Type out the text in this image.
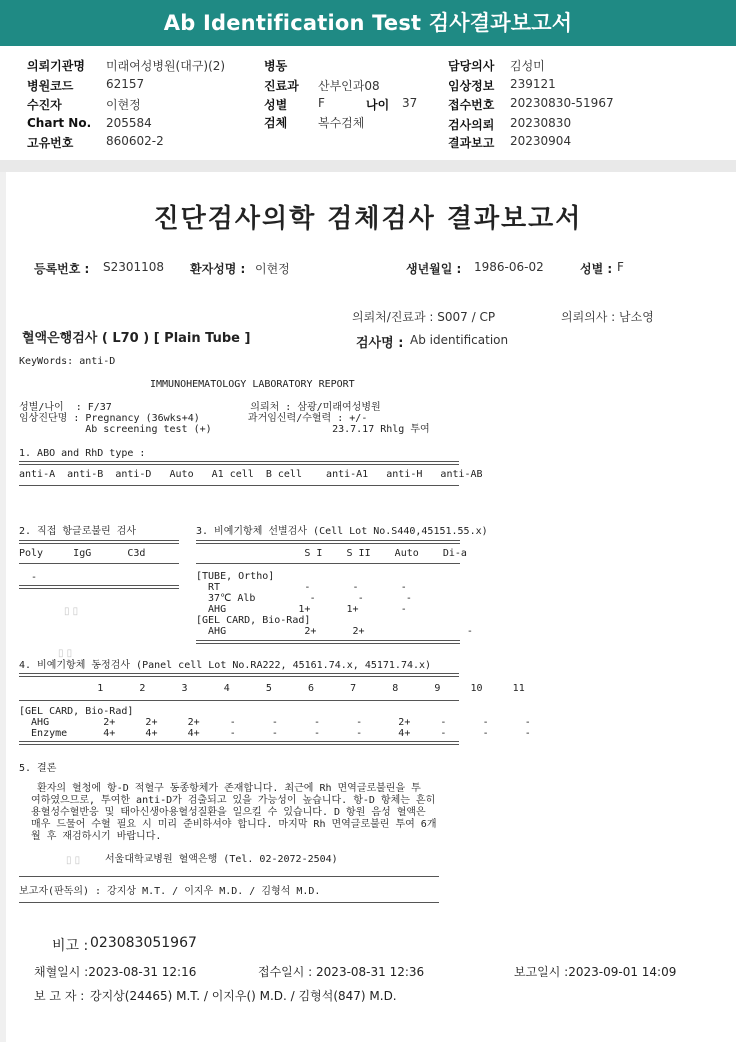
Ab Identification Test 검사결과보고서
의뢰기관명 미래여성병원(대구)(2)
병원코드	62157
수진자	이현정
Chart No. 205584
고유번호	860602-2
병동
진료과 산부인과08
성별	F	나이 37
검체	복수검체
담당의사 김성미
임상정보 239121
접수번호 20230830-51967
검사의뢰 20230830
결과보고 20230904
진단검사의학 검체검사 결과보고서
등록번호 : S2301108 환자성명 : 이현정	생년월일 : 1986-06-02	성별 : F
의뢰처/진료과 : S007 / CP	의뢰의사 : 남소영
혈액은행검사 ( L70 ) [ Plain Tube ]	검사명 : Ab identification
KeyWords: anti-D
IMMUNOHEMATOLOGY LABORATORY REPORT
성별/나이  : F/37                       의뢰처 : 삼광/미래여성병원
임상진단명 : Pregnancy (36wks+4)        과거임신력/수혈력 : +/-
Ab screening test (+)                    23.7.17 Rhlg 투여
1. ABO and RhD type :
anti-A  anti-B  anti-D   Auto   A1 cell  B cell    anti-A1   anti-H   anti-AB
2. 직접 항글로불린 검사
Poly     IgG      C3d
-
3. 비예기항체 선별검사 (Cell Lot No.S440,45151.55.x)
S I    S II    Auto    Di-a
[TUBE, Ortho]
RT              -       -       -
37℃ Alb         -       -       -
AHG            1+      1+       -
[GEL CARD, Bio-Rad]
AHG             2+      2+                 -
▯ ▯
▯ ▯
4. 비예기항체 동정검사 (Panel cell Lot No.RA222, 45161.74.x, 45171.74.x)
1      2      3      4      5      6      7      8      9     10     11
[GEL CARD, Bio-Rad]
AHG         2+     2+     2+     -      -      -      -      2+     -      -      -
Enzyme      4+     4+     4+     -      -      -      -      4+     -      -      -
5. 결론
환자의 혈청에 항-D 적혈구 동종항체가 존재합니다. 최근에 Rh 면역글로불린을 투
여하였으므로, 투여한 anti-D가 검출되고 있을 가능성이 높습니다. 항-D 항체는 흔히
용혈성수혈반응 및 태아신생아용혈성질환을 일으킬 수 있습니다. D 항원 음성 혈액은
매우 드물어 수혈 필요 시 미리 준비하셔야 합니다. 마지막 Rh 면역글로불린 투여 6개
월 후 재검하시기 바랍니다.
▯ ▯ 서울대학교병원 혈액은행 (Tel. 02-2072-2504)
보고자(판독의) : 강지상 M.T. / 이지우 M.D. / 김형석 M.D.
비고 : 023083051967
채혈일시 :2023-08-31 12:16	접수일시 : 2023-08-31 12:36	보고일시 :2023-09-01 14:09
보 고 자 : 강지상(24465) M.T. / 이지우() M.D. / 김형석(847) M.D.
